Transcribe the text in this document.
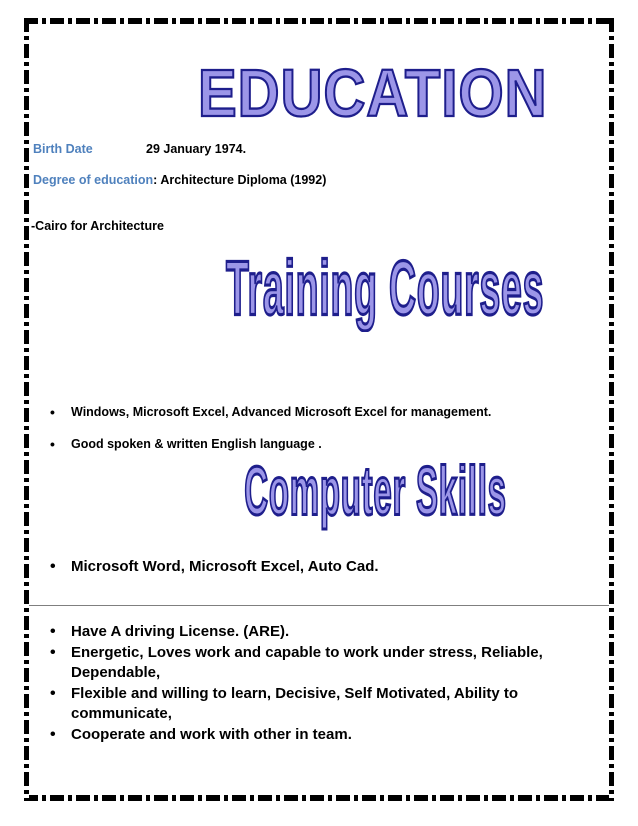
EDUCATION
Birth Date	29 January 1974.
Degree of education: Architecture Diploma (1992)
-Cairo for Architecture
Training Courses
• Windows, Microsoft Excel, Advanced Microsoft Excel for management.
• Good spoken & written English language .
Computer Skills
• Microsoft Word, Microsoft Excel, Auto Cad.
• Have A driving License. (ARE).
• Energetic, Loves work and capable to work under stress, Reliable, Dependable,
• Flexible and willing to learn, Decisive, Self Motivated, Ability to communicate,
• Cooperate and work with other in team.
